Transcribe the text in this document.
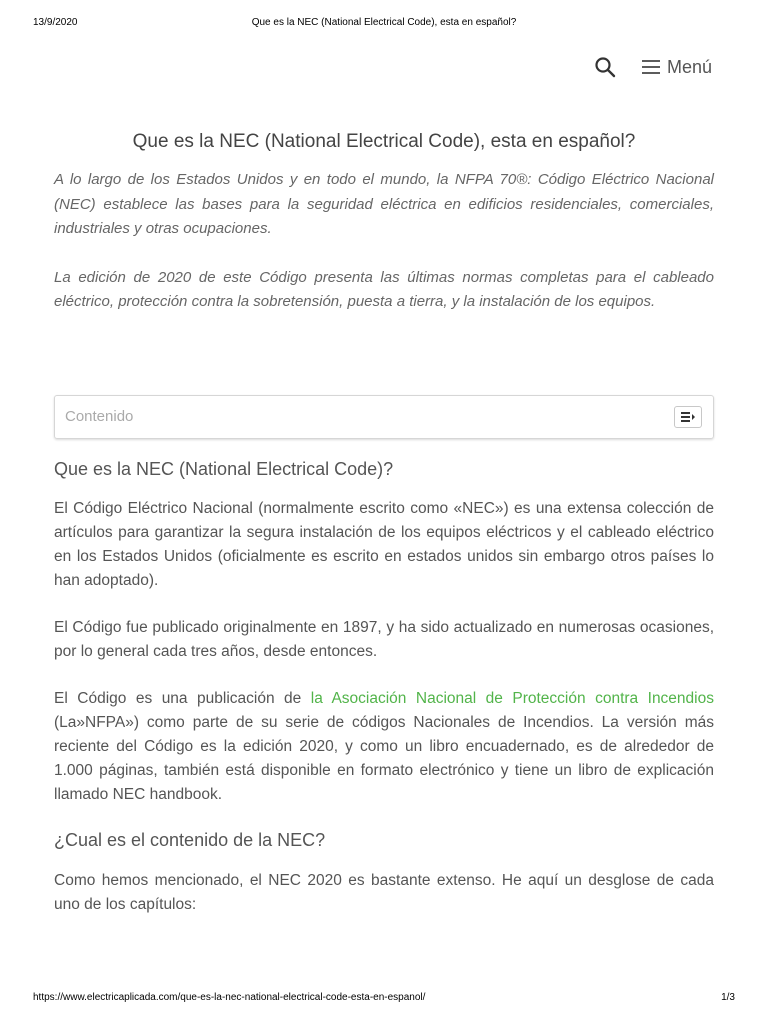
13/9/2020	Que es la NEC (National Electrical Code), esta en español?
Menú
Que es la NEC (National Electrical Code), esta en español?

A lo largo de los Estados Unidos y en todo el mundo, la NFPA 70®: Código Eléctrico Nacional (NEC) establece las bases para la seguridad eléctrica en edificios residenciales, comerciales, industriales y otras ocupaciones.

La edición de 2020 de este Código presenta las últimas normas completas para el cableado eléctrico, protección contra la sobretensión, puesta a tierra, y la instalación de los equipos.

Contenido
Que es la NEC (National Electrical Code)?

El Código Eléctrico Nacional (normalmente escrito como «NEC») es una extensa colección de artículos para garantizar la segura instalación de los equipos eléctricos y el cableado eléctrico en los Estados Unidos (oficialmente es escrito en estados unidos sin embargo otros países lo han adoptado).

El Código fue publicado originalmente en 1897, y ha sido actualizado en numerosas ocasiones, por lo general cada tres años, desde entonces.

El Código es una publicación de la Asociación Nacional de Protección contra Incendios (La»NFPA») como parte de su serie de códigos Nacionales de Incendios. La versión más reciente del Código es la edición 2020, y como un libro encuadernado, es de alrededor de 1.000 páginas, también está disponible en formato electrónico y tiene un libro de explicación llamado NEC handbook.

¿Cual es el contenido de la NEC?

Como hemos mencionado, el NEC 2020 es bastante extenso. He aquí un desglose de cada uno de los capítulos:

https://www.electricaplicada.com/que-es-la-nec-national-electrical-code-esta-en-espanol/	1/3
